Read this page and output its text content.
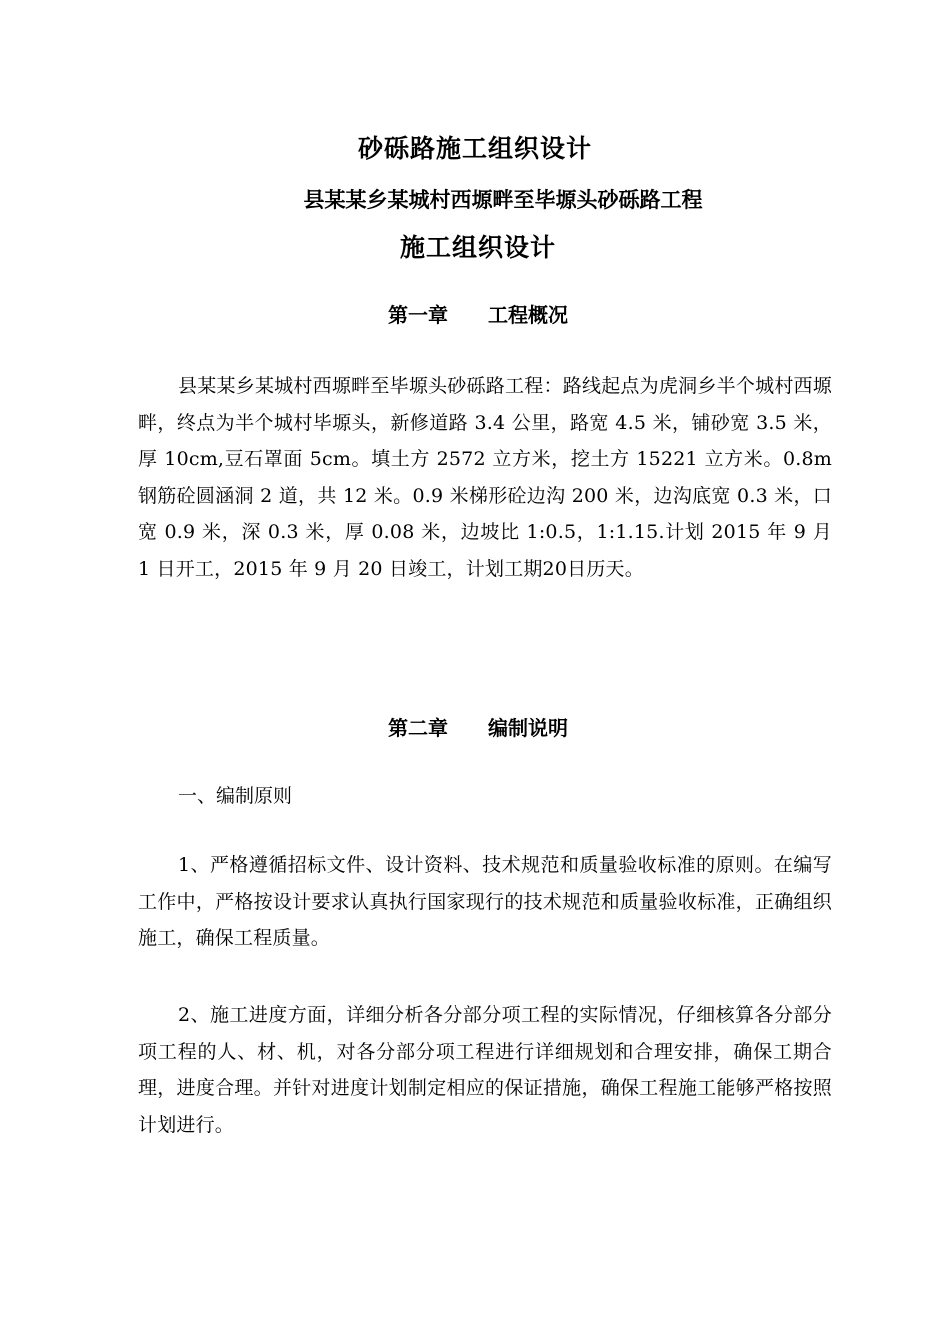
砂砾路施工组织设计
县某某乡某城村西塬畔至毕塬头砂砾路工程
施工组织设计
第一章　　工程概况
县某某乡某城村西塬畔至毕塬头砂砾路工程：路线起点为虎洞乡半个城村西塬畔，终点为半个城村毕塬头，新修道路 3.4 公里，路宽 4.5 米，铺砂宽 3.5 米，厚 10cm,豆石罩面 5cm。填土方 2572 立方米，挖土方 15221 立方米。0.8m 钢筋砼圆涵洞 2 道，共 12 米。0.9 米梯形砼边沟 200 米，边沟底宽 0.3 米，口宽 0.9 米，深 0.3 米，厚 0.08 米，边坡比 1:0.5，1:1.15.计划 2015 年 9 月 1 日开工，2015 年 9 月 20 日竣工，计划工期20日历天。
第二章　　编制说明
一、编制原则
1、严格遵循招标文件、设计资料、技术规范和质量验收标准的原则。在编写工作中，严格按设计要求认真执行国家现行的技术规范和质量验收标准，正确组织施工，确保工程质量。
2、施工进度方面，详细分析各分部分项工程的实际情况，仔细核算各分部分项工程的人、材、机，对各分部分项工程进行详细规划和合理安排，确保工期合理，进度合理。并针对进度计划制定相应的保证措施，确保工程施工能够严格按照计划进行。
